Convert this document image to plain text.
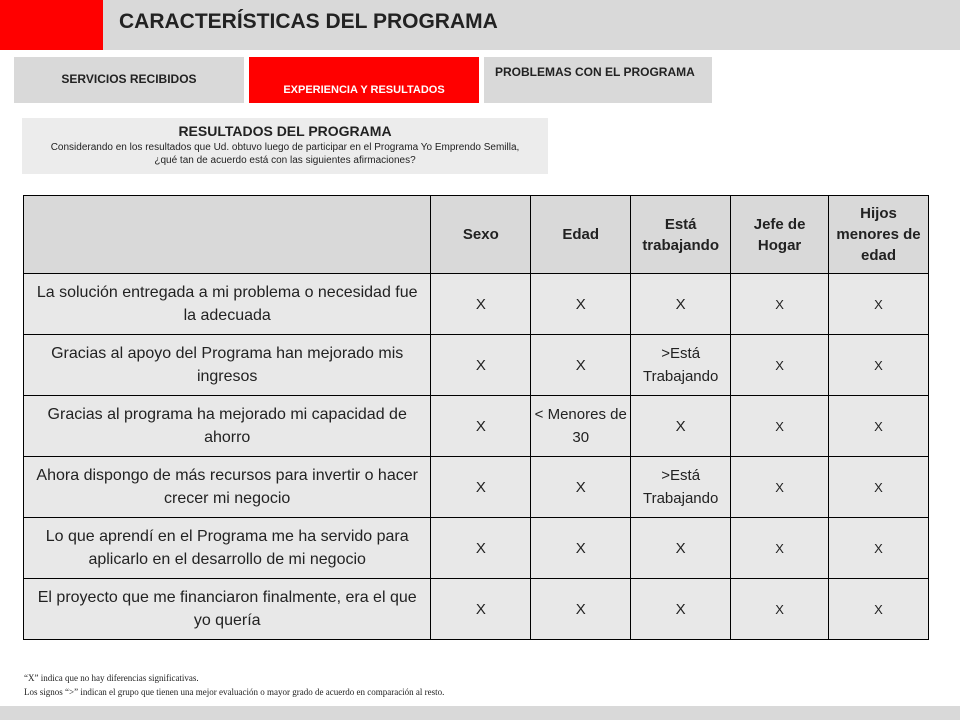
CARACTERÍSTICAS DEL PROGRAMA
SERVICIOS RECIBIDOS
EXPERIENCIA Y RESULTADOS
PROBLEMAS CON EL PROGRAMA
RESULTADOS DEL PROGRAMA
Considerando en los resultados que Ud. obtuvo luego de participar en el Programa Yo Emprendo Semilla, ¿qué tan de acuerdo está con las siguientes afirmaciones?
	Sexo	Edad	Está trabajando	Jefe de Hogar	Hijos menores de edad
La solución entregada a mi problema o necesidad fue la adecuada	X	X	X	X	X
Gracias al apoyo del Programa han mejorado mis ingresos	X	X	>Está Trabajando	X	X
Gracias al programa ha mejorado mi capacidad de ahorro	X	< Menores de 30	X	X	X
Ahora dispongo de más recursos para invertir o hacer crecer mi negocio	X	X	>Está Trabajando	X	X
Lo que aprendí en el Programa me ha servido para aplicarlo en el desarrollo de mi negocio	X	X	X	X	X
El proyecto que me financiaron finalmente, era el que yo quería	X	X	X	X	X
“X” indica que no hay diferencias significativas.
Los signos “>” indican el grupo que tienen una mejor evaluación o mayor grado de acuerdo en comparación al resto.
